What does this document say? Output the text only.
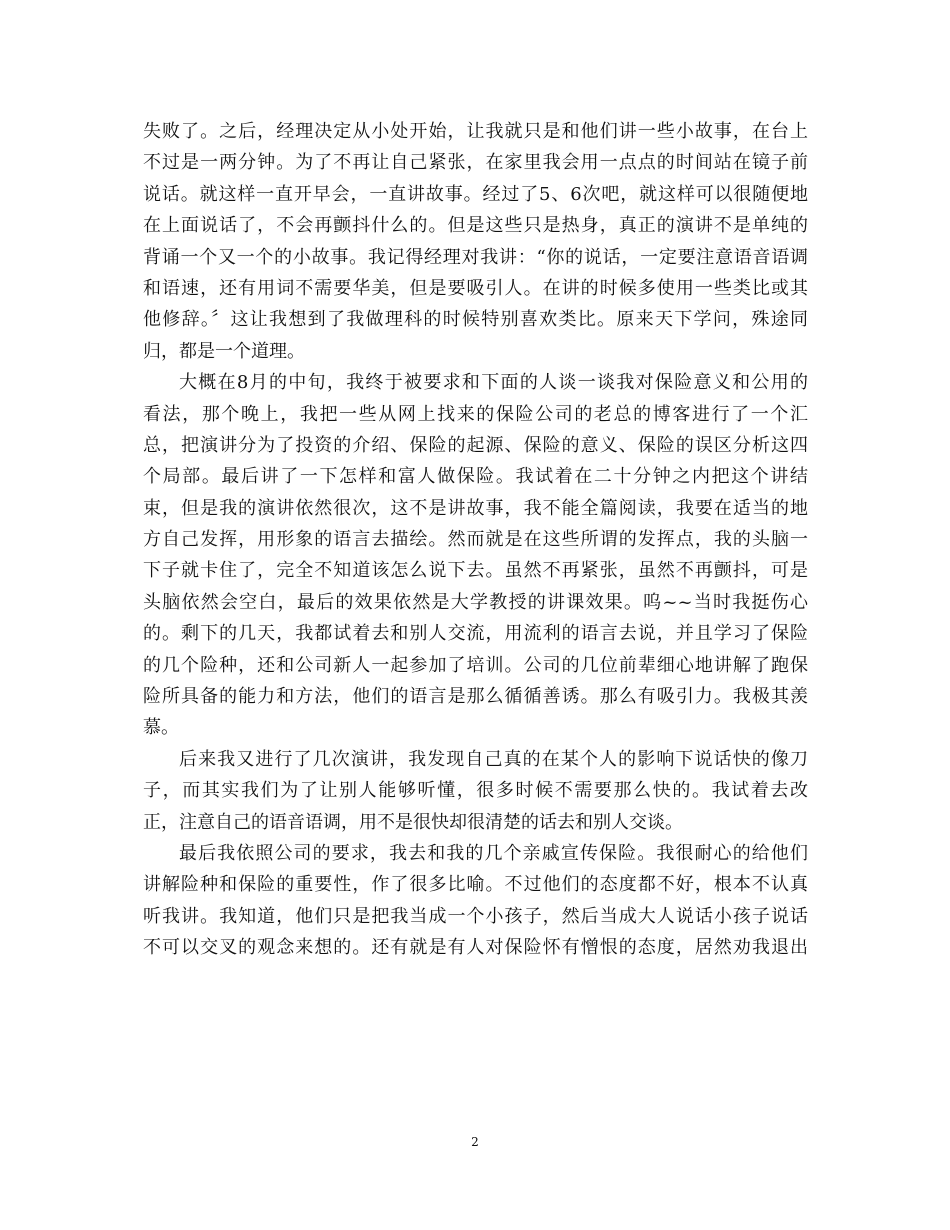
失败了。之后，经理决定从小处开始，让我就只是和他们讲一些小故事，在台上
不过是一两分钟。为了不再让自己紧张，在家里我会用一点点的时间站在镜子前
说话。就这样一直开早会，一直讲故事。经过了5、6次吧，就这样可以很随便地
在上面说话了，不会再颤抖什么的。但是这些只是热身，真正的演讲不是单纯的
背诵一个又一个的小故事。我记得经理对我讲：“你的说话，一定要注意语音语调
和语速，还有用词不需要华美，但是要吸引人。在讲的时候多使用一些类比或其
他修辞。〞这让我想到了我做理科的时候特别喜欢类比。原来天下学问，殊途同
归，都是一个道理。
大概在8月的中旬，我终于被要求和下面的人谈一谈我对保险意义和公用的
看法，那个晚上，我把一些从网上找来的保险公司的老总的博客进行了一个汇
总，把演讲分为了投资的介绍、保险的起源、保险的意义、保险的误区分析这四
个局部。最后讲了一下怎样和富人做保险。我试着在二十分钟之内把这个讲结
束，但是我的演讲依然很次，这不是讲故事，我不能全篇阅读，我要在适当的地
方自己发挥，用形象的语言去描绘。然而就是在这些所谓的发挥点，我的头脑一
下子就卡住了，完全不知道该怎么说下去。虽然不再紧张，虽然不再颤抖，可是
头脑依然会空白，最后的效果依然是大学教授的讲课效果。呜~~当时我挺伤心
的。剩下的几天，我都试着去和别人交流，用流利的语言去说，并且学习了保险
的几个险种，还和公司新人一起参加了培训。公司的几位前辈细心地讲解了跑保
险所具备的能力和方法，他们的语言是那么循循善诱。那么有吸引力。我极其羡
慕。
后来我又进行了几次演讲，我发现自己真的在某个人的影响下说话快的像刀
子，而其实我们为了让别人能够听懂，很多时候不需要那么快的。我试着去改
正，注意自己的语音语调，用不是很快却很清楚的话去和别人交谈。
最后我依照公司的要求，我去和我的几个亲戚宣传保险。我很耐心的给他们
讲解险种和保险的重要性，作了很多比喻。不过他们的态度都不好，根本不认真
听我讲。我知道，他们只是把我当成一个小孩子，然后当成大人说话小孩子说话
不可以交叉的观念来想的。还有就是有人对保险怀有憎恨的态度，居然劝我退出
2
